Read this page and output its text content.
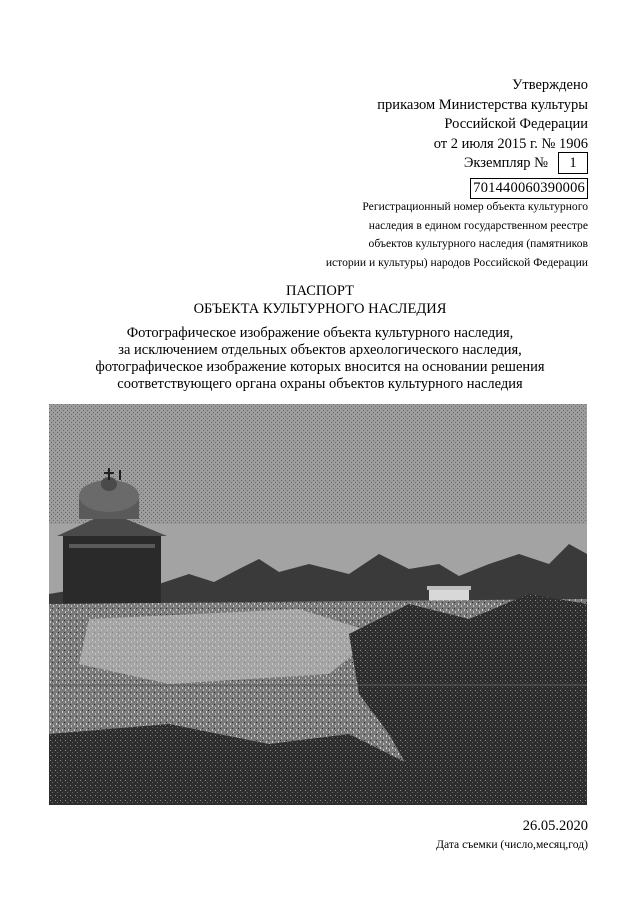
Утверждено
приказом Министерства культуры
Российской Федерации
от 2 июля 2015 г. № 1906
Экземпляр №	1
701440060390006
Регистрационный номер объекта культурного
наследия в едином государственном реестре
объектов культурного наследия (памятников
истории и культуры) народов Российской Федерации
ПАСПОРТ
ОБЪЕКТА КУЛЬТУРНОГО НАСЛЕДИЯ
Фотографическое изображение объекта культурного наследия,
за исключением отдельных объектов археологического наследия,
фотографическое изображение которых вносится на основании решения
соответствующего органа охраны объектов культурного наследия
26.05.2020
Дата съемки (число,месяц,год)
